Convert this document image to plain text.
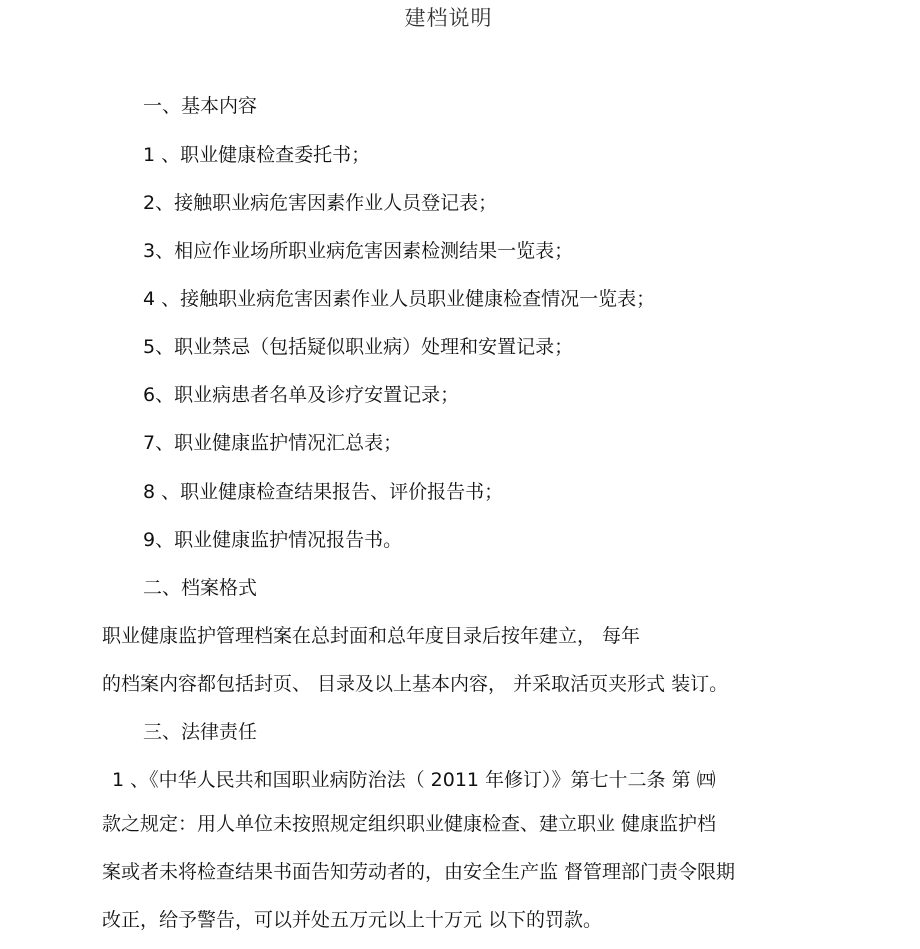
建档说明
一、基本内容
1 、职业健康检查委托书；
2、接触职业病危害因素作业人员登记表；
3、相应作业场所职业病危害因素检测结果一览表；
4 、接触职业病危害因素作业人员职业健康检查情况一览表；
5、职业禁忌（包括疑似职业病）处理和安置记录；
6、职业病患者名单及诊疗安置记录；
7、职业健康监护情况汇总表；
8 、职业健康检查结果报告、评价报告书；
9、职业健康监护情况报告书。
二、档案格式
职业健康监护管理档案在总封面和总年度目录后按年建立， 每年
的档案内容都包括封页、 目录及以上基本内容， 并采取活页夹形式 装订。
三、法律责任
1 、《中华人民共和国职业病防治法（ 2011 年修订）》第七十二条 第 ㈣
款之规定：用人单位未按照规定组织职业健康检查、建立职业 健康监护档
案或者未将检查结果书面告知劳动者的，由安全生产监 督管理部门责令限期
改正，给予警告，可以并处五万元以上十万元 以下的罚款。
